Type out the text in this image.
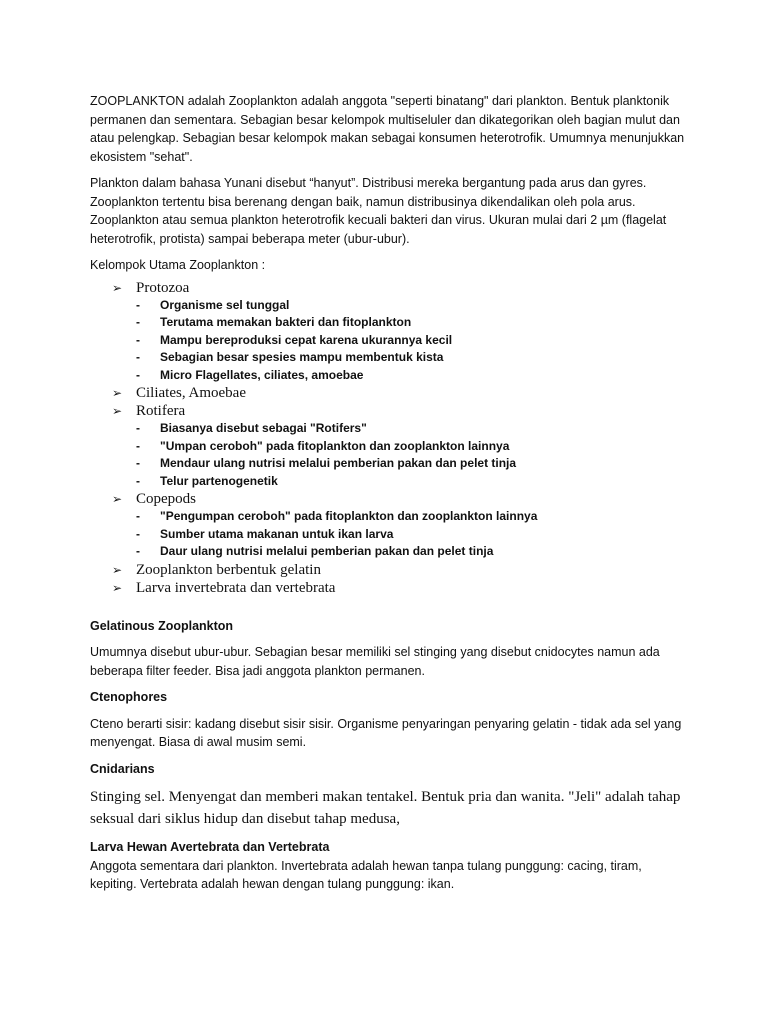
ZOOPLANKTON adalah Zooplankton adalah anggota "seperti binatang" dari plankton. Bentuk planktonik permanen dan sementara. Sebagian besar kelompok multiseluler dan dikategorikan oleh bagian mulut dan atau pelengkap. Sebagian besar kelompok makan sebagai konsumen heterotrofik. Umumnya menunjukkan ekosistem "sehat".

Plankton dalam bahasa Yunani disebut “hanyut”. Distribusi mereka bergantung pada arus dan gyres. Zooplankton tertentu bisa berenang dengan baik, namun distribusinya dikendalikan oleh pola arus. Zooplankton atau semua plankton heterotrofik kecuali bakteri dan virus. Ukuran mulai dari 2 µm (flagelat heterotrofik, protista) sampai beberapa meter (ubur-ubur).

Kelompok Utama Zooplankton :

➢ Protozoa
- Organisme sel tunggal
- Terutama memakan bakteri dan fitoplankton
- Mampu bereproduksi cepat karena ukurannya kecil
- Sebagian besar spesies mampu membentuk kista
- Micro Flagellates, ciliates, amoebae
➢ Ciliates, Amoebae
➢ Rotifera
- Biasanya disebut sebagai "Rotifers"
- "Umpan ceroboh" pada fitoplankton dan zooplankton lainnya
- Mendaur ulang nutrisi melalui pemberian pakan dan pelet tinja
- Telur partenogenetik
➢ Copepods
- "Pengumpan ceroboh" pada fitoplankton dan zooplankton lainnya
- Sumber utama makanan untuk ikan larva
- Daur ulang nutrisi melalui pemberian pakan dan pelet tinja
➢ Zooplankton berbentuk gelatin
➢ Larva invertebrata dan vertebrata

Gelatinous Zooplankton

Umumnya disebut ubur-ubur. Sebagian besar memiliki sel stinging yang disebut cnidocytes namun ada beberapa filter feeder. Bisa jadi anggota plankton permanen.

Ctenophores

Cteno berarti sisir: kadang disebut sisir sisir. Organisme penyaringan penyaring gelatin - tidak ada sel yang menyengat. Biasa di awal musim semi.

Cnidarians

Stinging sel. Menyengat dan memberi makan tentakel. Bentuk pria dan wanita. "Jeli" adalah tahap seksual dari siklus hidup dan disebut tahap medusa,

Larva Hewan Avertebrata dan Vertebrata

Anggota sementara dari plankton. Invertebrata adalah hewan tanpa tulang punggung: cacing, tiram, kepiting. Vertebrata adalah hewan dengan tulang punggung: ikan.
